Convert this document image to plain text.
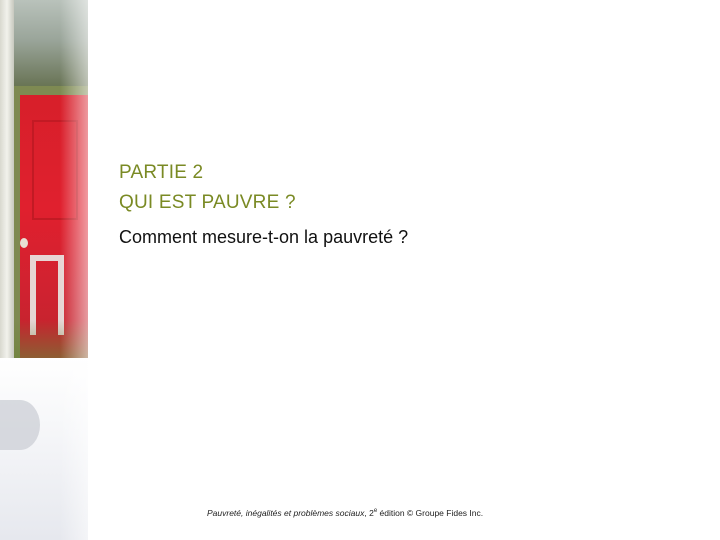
PARTIE 2
QUI EST PAUVRE ?
Comment mesure-t-on la pauvreté ?
Pauvreté, inégalités et problèmes sociaux, 2e édition © Groupe Fides Inc.
